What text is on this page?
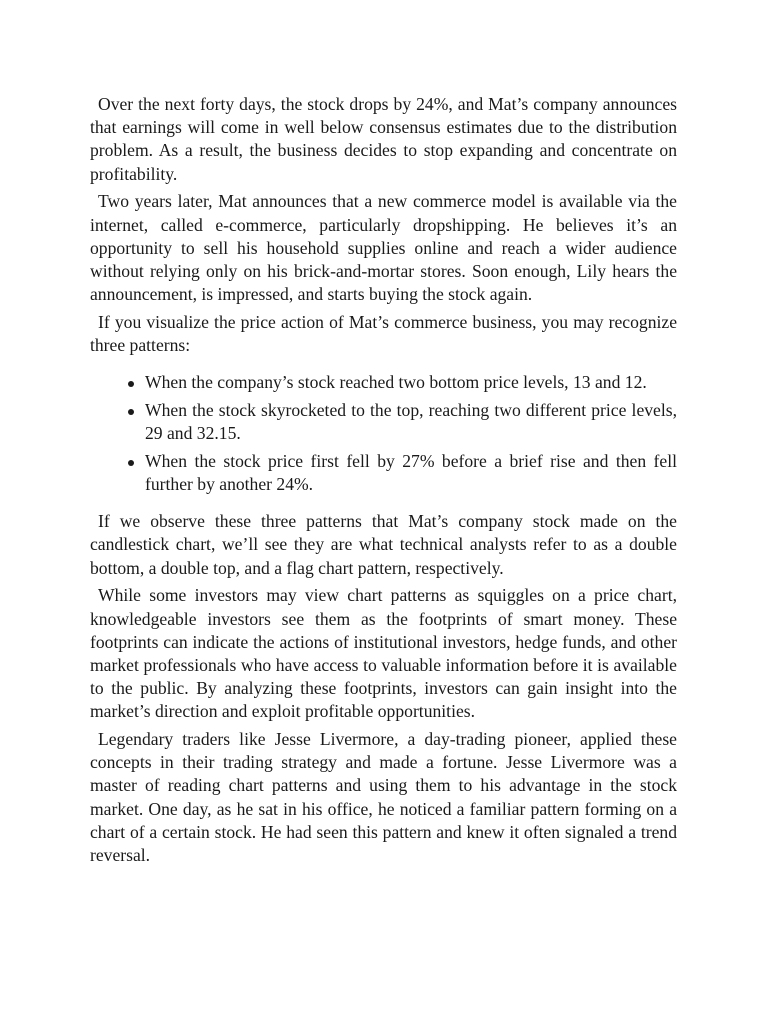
Over the next forty days, the stock drops by 24%, and Mat’s company announces that earnings will come in well below consensus estimates due to the distribution problem. As a result, the business decides to stop expanding and concentrate on profitability.

Two years later, Mat announces that a new commerce model is available via the internet, called e-commerce, particularly dropshipping. He believes it’s an opportunity to sell his household supplies online and reach a wider audience without relying only on his brick-and-mortar stores. Soon enough, Lily hears the announcement, is impressed, and starts buying the stock again.

If you visualize the price action of Mat’s commerce business, you may recognize three patterns:

When the company’s stock reached two bottom price levels, 13 and 12.
When the stock skyrocketed to the top, reaching two different price levels, 29 and 32.15.
When the stock price first fell by 27% before a brief rise and then fell further by another 24%.

If we observe these three patterns that Mat’s company stock made on the candlestick chart, we’ll see they are what technical analysts refer to as a double bottom, a double top, and a flag chart pattern, respectively.

While some investors may view chart patterns as squiggles on a price chart, knowledgeable investors see them as the footprints of smart money. These footprints can indicate the actions of institutional investors, hedge funds, and other market professionals who have access to valuable information before it is available to the public. By analyzing these footprints, investors can gain insight into the market’s direction and exploit profitable opportunities.

Legendary traders like Jesse Livermore, a day-trading pioneer, applied these concepts in their trading strategy and made a fortune. Jesse Livermore was a master of reading chart patterns and using them to his advantage in the stock market. One day, as he sat in his office, he noticed a familiar pattern forming on a chart of a certain stock. He had seen this pattern and knew it often signaled a trend reversal.
